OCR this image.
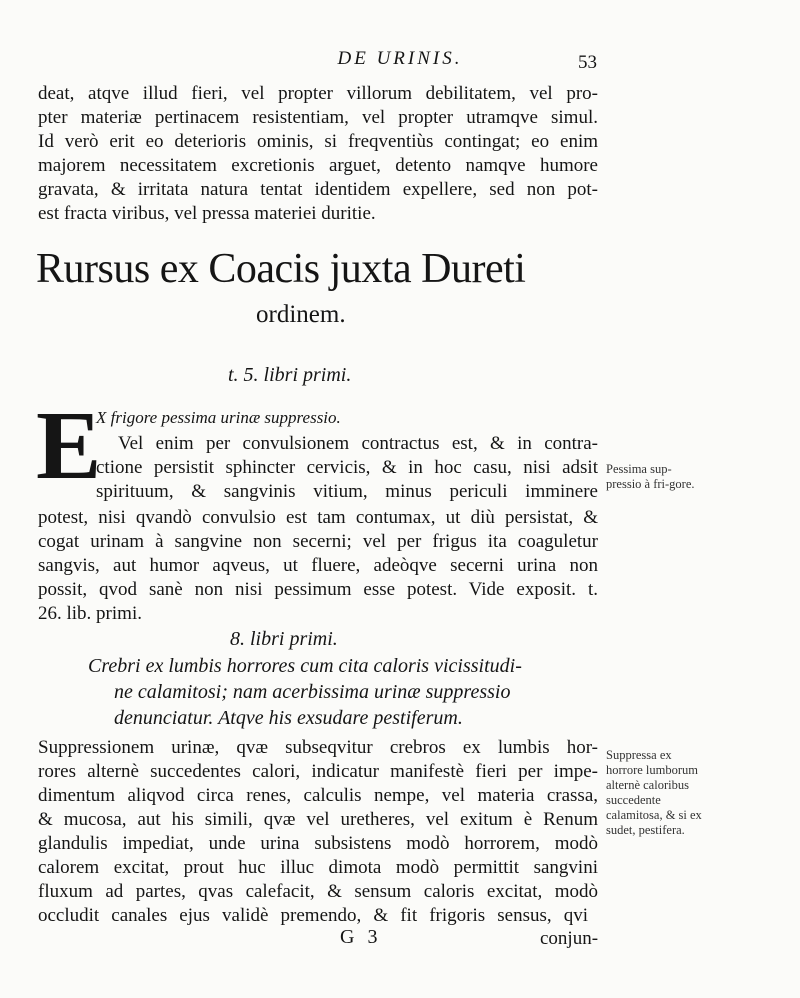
DE URINIS.	53
deat, atqve illud fieri, vel propter villorum debilitatem, vel pro-
pter materiæ pertinacem resistentiam, vel propter utramqve simul.
Id verò erit eo deterioris ominis, si freqventiùs contingat; eo enim
majorem necessitatem excretionis arguet, detento namqve humore
gravata, & irritata natura tentat identidem expellere, sed non pot-
est fracta viribus, vel pressa materiei duritie.
Rursus ex Coacis juxta Dureti
ordinem.
t. 5. libri primi.
E
X frigore pessima urinæ suppressio.
Vel enim per convulsionem contractus est, & in contra-
ctione persistit sphincter cervicis, & in hoc casu, nisi adsit
spirituum, & sangvinis vitium, minus periculi imminere
potest, nisi qvandò convulsio est tam contumax, ut diù persistat, &
cogat urinam à sangvine non secerni; vel per frigus ita coaguletur
sangvis, aut humor aqveus, ut fluere, adeòqve secerni urina non
possit, qvod sanè non nisi pessimum esse potest. Vide exposit. t.
26. lib. primi.
Pessima sup-pressio à fri-gore.
8. libri primi.
Crebri ex lumbis horrores cum cita caloris vicissitudi-
ne calamitosi; nam acerbissima urinæ suppressio
denunciatur. Atqve his exsudare pestiferum.
Suppressionem urinæ, qvæ subseqvitur crebros ex lumbis hor-
rores alternè succedentes calori, indicatur manifestè fieri per impe-
dimentum aliqvod circa renes, calculis nempe, vel materia crassa,
& mucosa, aut his simili, qvæ vel uretheres, vel exitum è Renum
glandulis impediat, unde urina subsistens modò horrorem, modò
calorem excitat, prout huc illuc dimota modò permittit sangvini
fluxum ad partes, qvas calefacit, & sensum caloris excitat, modò
occludit canales ejus validè premendo, & fit frigoris sensus, qvi
Suppressa ex horrore lumborum alternè caloribus succedente calamitosa, & si ex sudet, pestifera.
G 3	conjun-
